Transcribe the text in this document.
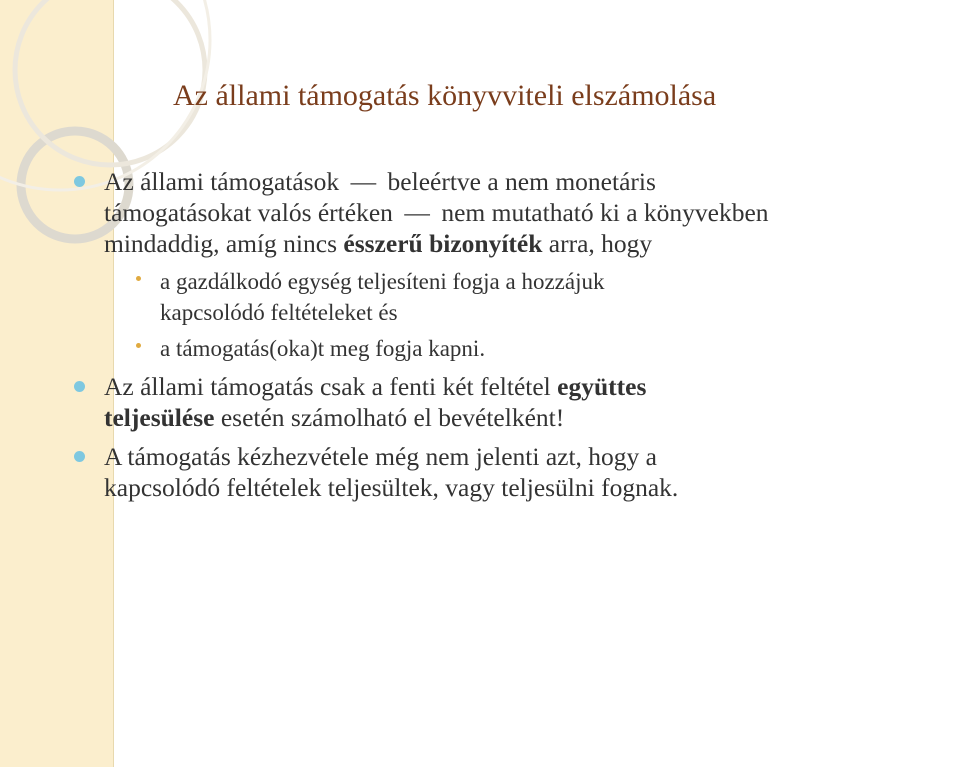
Az állami támogatás könyvviteli elszámolása
Az állami támogatások  —  beleértve a nem monetáris
támogatásokat valós értéken  —  nem mutatható ki a könyvekben
mindaddig, amíg nincs ésszerű bizonyíték arra, hogy
a gazdálkodó egység teljesíteni fogja a hozzájuk
kapcsolódó feltételeket és
a támogatás(oka)t meg fogja kapni.
Az állami támogatás csak a fenti két feltétel együttes
teljesülése esetén számolható el bevételként!
A támogatás kézhezvétele még nem jelenti azt, hogy a
kapcsolódó feltételek teljesültek, vagy teljesülni fognak.
